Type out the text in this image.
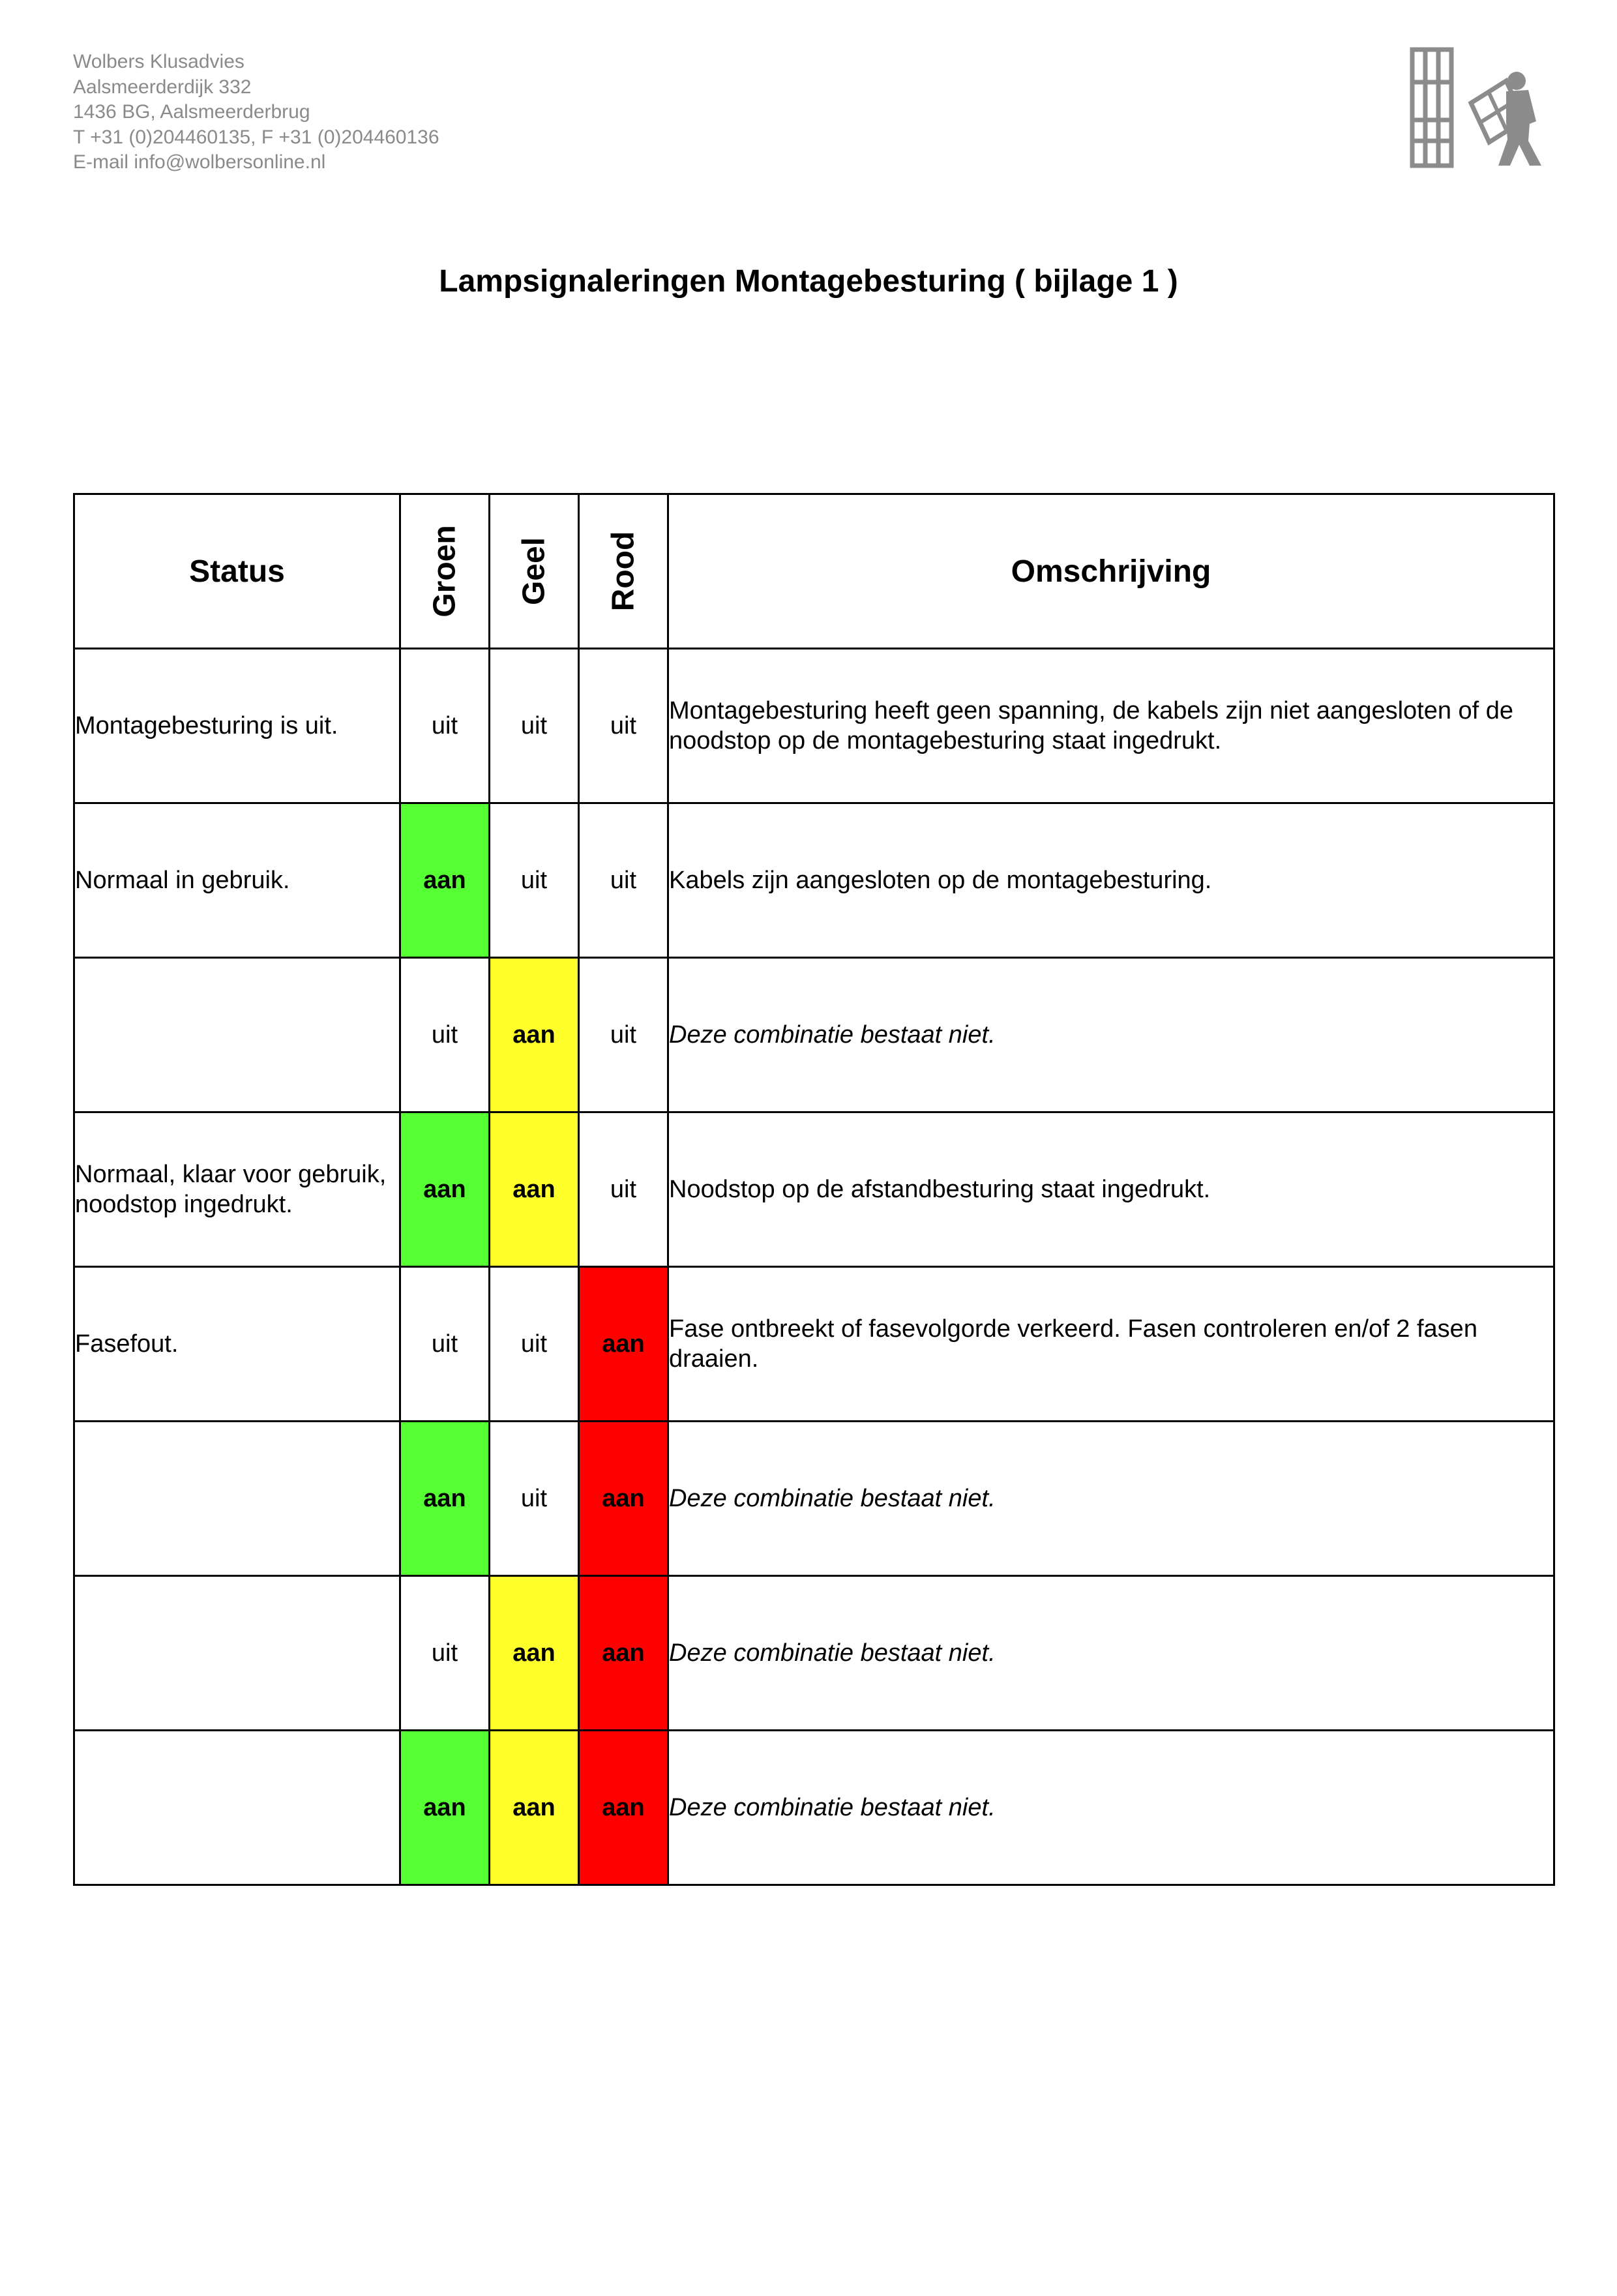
Wolbers Klusadvies
Aalsmeerderdijk 332
1436 BG, Aalsmeerderbrug
T +31 (0)204460135, F +31 (0)204460136
E-mail info@wolbersonline.nl
Lampsignaleringen Montagebesturing ( bijlage 1 )
Status	Groen	Geel	Rood	Omschrijving
Montagebesturing is uit.	uit	uit	uit	Montagebesturing heeft geen spanning, de kabels zijn niet aangesloten of de noodstop op de montagebesturing staat ingedrukt.
Normaal in gebruik.	aan	uit	uit	Kabels zijn aangesloten op de montagebesturing.
	uit	aan	uit	Deze combinatie bestaat niet.
Normaal, klaar voor gebruik, noodstop ingedrukt.	aan	aan	uit	Noodstop op de afstandbesturing staat ingedrukt.
Fasefout.	uit	uit	aan	Fase ontbreekt of fasevolgorde verkeerd. Fasen controleren en/of 2 fasen draaien.
	aan	uit	aan	Deze combinatie bestaat niet.
	uit	aan	aan	Deze combinatie bestaat niet.
	aan	aan	aan	Deze combinatie bestaat niet.
